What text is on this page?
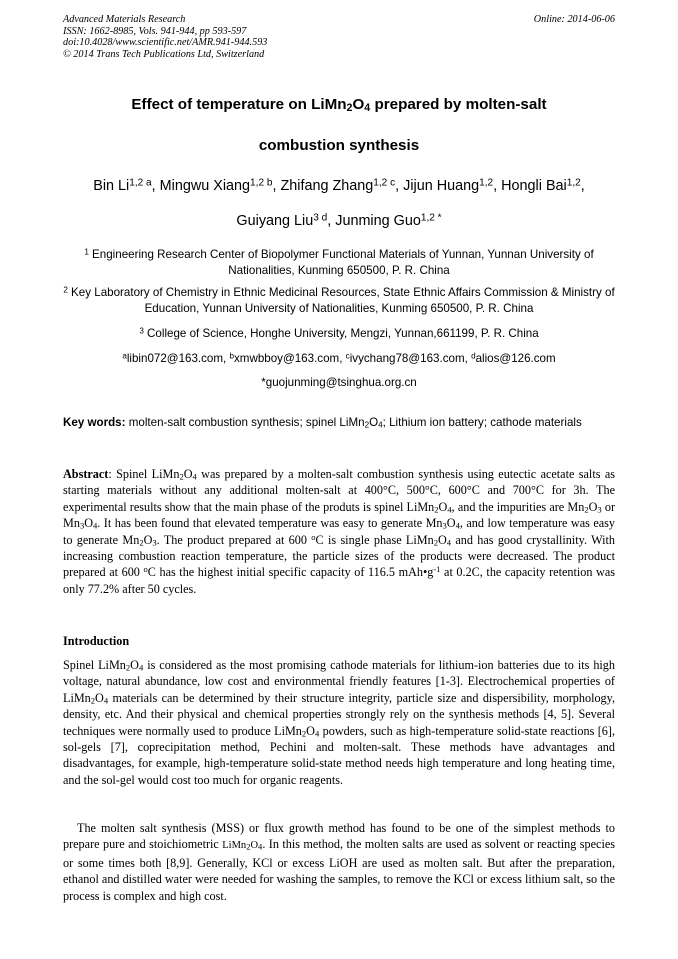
Advanced Materials Research
ISSN: 1662-8985, Vols. 941-944, pp 593-597
doi:10.4028/www.scientific.net/AMR.941-944.593
© 2014 Trans Tech Publications Ltd, Switzerland
Online: 2014-06-06
Effect of temperature on $LiMn_2O_4$ prepared by molten-salt
combustion synthesis
Bin $Li^{1,2 a}$, Mingwu Xiang$^{1,2 b}$, Zhifang Zhang$^{1,2 c}$, Jijun Huang$^{1,2}$, Hongli Bai$^{1,2}$,
Guiyang Liu$^{3 d}$, Junming Guo$^{1,2 *}$
$^1$ Engineering Research Center of Biopolymer Functional Materials of Yunnan, Yunnan University of Nationalities, Kunming 650500, P. R. China
$^2$ Key Laboratory of Chemistry in Ethnic Medicinal Resources, State Ethnic Affairs Commission & Ministry of Education, Yunnan University of Nationalities, Kunming 650500, P. R. China
$^3$ College of Science, Honghe University, Mengzi, Yunnan,661199, P. R. China
$^a$libin072@163.com, $^b$xmwbboy@163.com, $^c$ivychang78@163.com, $^d$alios@126.com
*guojunming@tsinghua.org.cn
Key words: molten-salt combustion synthesis; spinel $LiMn_2O_4$; Lithium ion battery; cathode materials
Abstract: Spinel $LiMn_2O_4$ was prepared by a molten-salt combustion synthesis using eutectic acetate salts as starting materials without any additional molten-salt at 400°C, 500°C, 600°C and 700°C for 3h. The experimental results show that the main phase of the produts is spinel $LiMn_2O_4$, and the impurities are $Mn_2O_3$ or $Mn_3O_4$. It has been found that elevated temperature was easy to generate $Mn_3O_4$, and low temperature was easy to generate $Mn_2O_3$. The product prepared at 600 $^o$C is single phase $LiMn_2O_4$ and has good crystallinity. With increasing combustion reaction temperature, the particle sizes of the products were decreased. The product prepared at 600 $^o$C has the highest initial specific capacity of 116.5 $mAh•g^{-1}$ at 0.2C, the capacity retention was only 77.2% after 50 cycles.
Introduction
Spinel $LiMn_2O_4$ is considered as the most promising cathode materials for lithium-ion batteries due to its high voltage, natural abundance, low cost and environmental friendly features [1-3]. Electrochemical properties of $LiMn_2O_4$ materials can be determined by their structure integrity, particle size and dispersibility, morphology, density, etc. And their physical and chemical properties strongly rely on the synthesis methods [4, 5]. Several techniques were normally used to produce $LiMn_2O_4$ powders, such as high-temperature solid-state reactions [6], sol-gels [7], coprecipitation method, Pechini and molten-salt. These methods have advantages and disadvantages, for example, high-temperature solid-state method needs high temperature and long heating time, and the sol-gel would cost too much for organic reagents.
The molten salt synthesis (MSS) or flux growth method has found to be one of the simplest methods to prepare pure and stoichiometric $LiMn_2O_4$. In this method, the molten salts are used as solvent or reacting species or some times both [8,9]. Generally, KCl or excess LiOH are used as molten salt. But after the preparation, ethanol and distilled water were needed for washing the samples, to remove the KCl or excess lithium salt, so the process is complex and high cost.
